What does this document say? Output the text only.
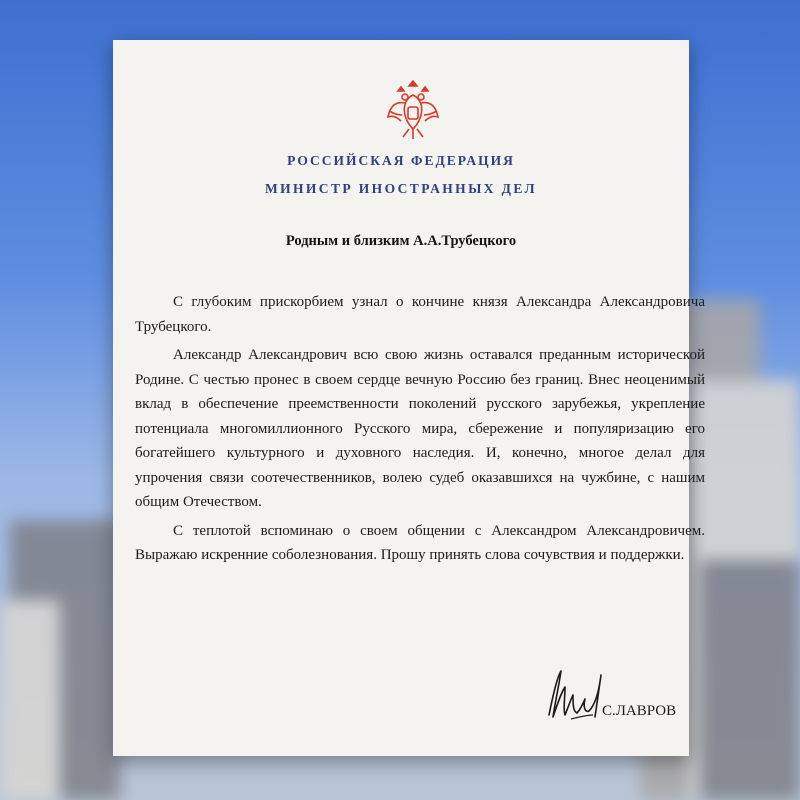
РОССИЙСКАЯ ФЕДЕРАЦИЯ
МИНИСТР ИНОСТРАННЫХ ДЕЛ
Родным и близким А.А.Трубецкого

С глубоким прискорбием узнал о кончине князя Александра Александровича Трубецкого.

Александр Александрович всю свою жизнь оставался преданным исторической Родине. С честью пронес в своем сердце вечную Россию без границ. Внес неоценимый вклад в обеспечение преемственности поколений русского зарубежья, укрепление потенциала многомиллионного Русского мира, сбережение и популяризацию его богатейшего культурного и духовного наследия. И, конечно, многое делал для упрочения связи соотечественников, волею судеб оказавшихся на чужбине, с нашим общим Отечеством.

С теплотой вспоминаю о своем общении с Александром Александровичем. Выражаю искренние соболезнования. Прошу принять слова сочувствия и поддержки.

С.ЛАВРОВ
